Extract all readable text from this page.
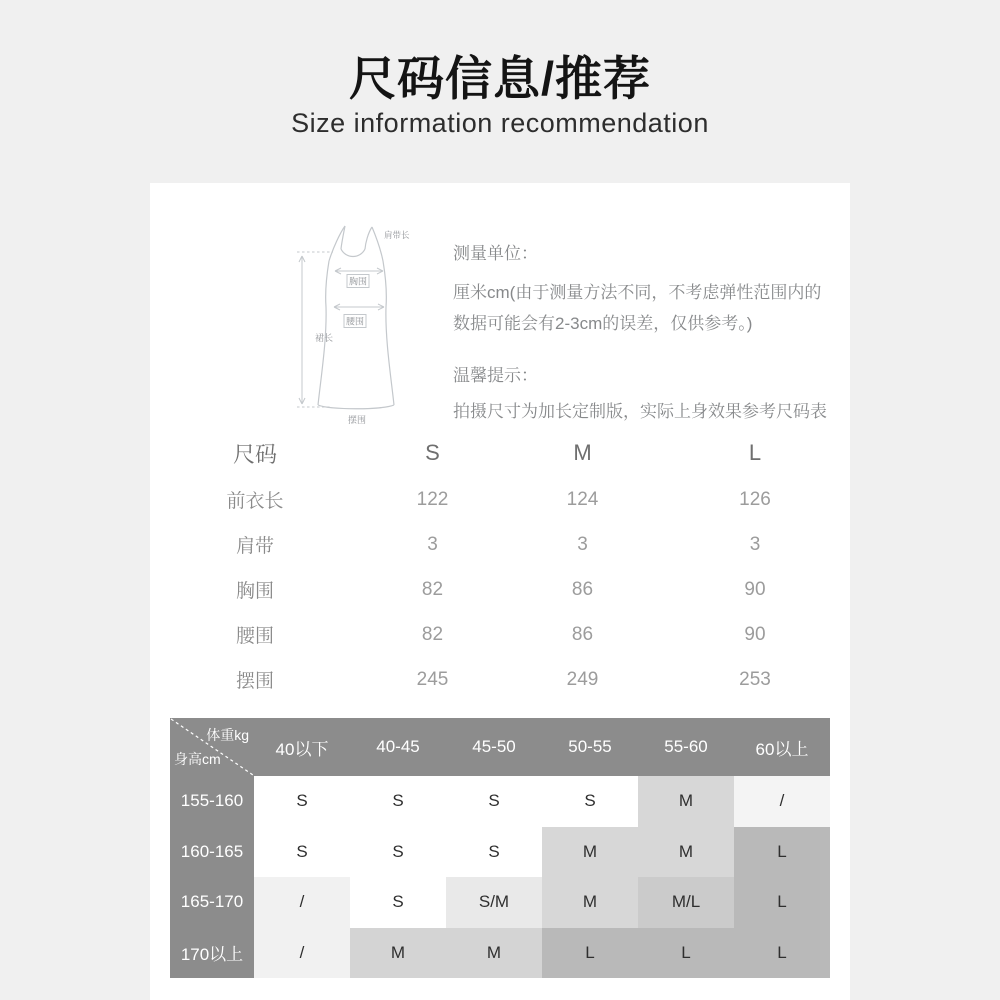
尺码信息/推荐
Size information recommendation
胸围
腰围
肩带长
裙长
摆围

测量单位：

厘米cm(由于测量方法不同，不考虑弹性范围内的

数据可能会有2-3cm的误差，仅供参考。)

温馨提示：

拍摄尺寸为加长定制版，实际上身效果参考尺码表

尺码	S	M	L
前衣长	122	124	126
肩带	3	3	3
胸围	82	86	90
腰围	82	86	90
摆围	245	249	253
体重kg
身高cm
40以下	40-45	45-50	50-55	55-60	60以上
155-160	S	S	S	S	M	/
160-165	S	S	S	M	M	L
165-170	/	S	S/M	M	M/L	L
170以上	/	M	M	L	L	L
